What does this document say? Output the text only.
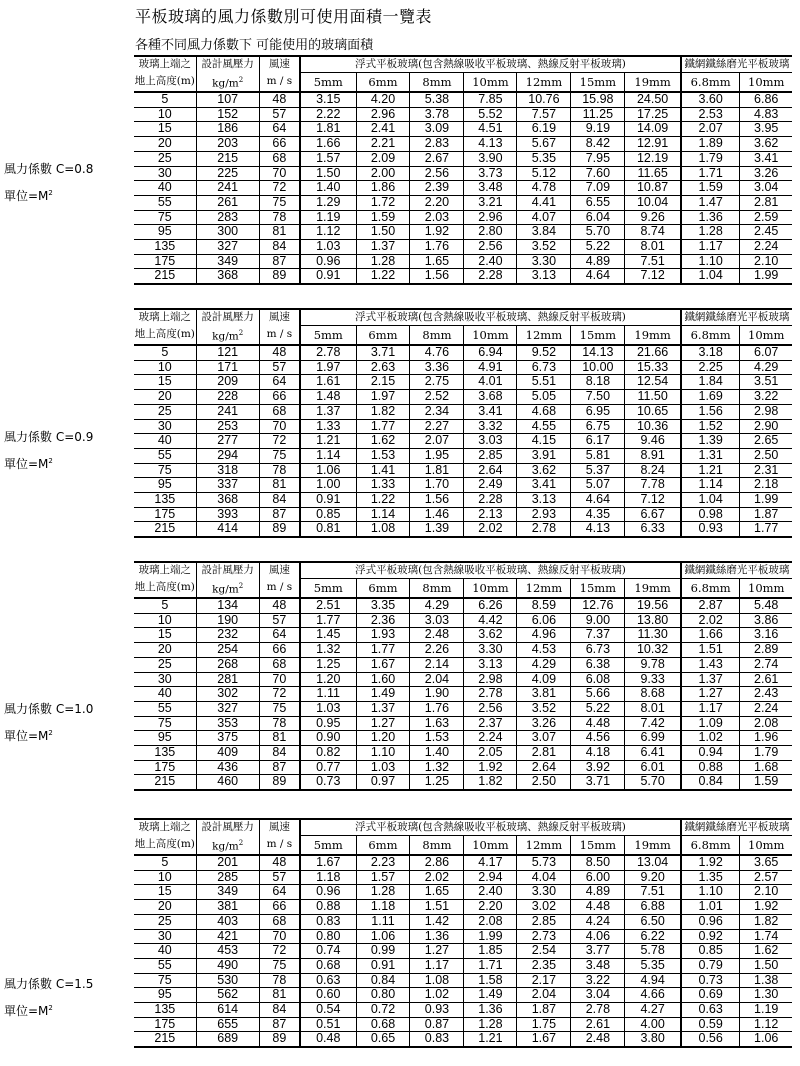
平板玻璃的風力係數別可使用面積一覽表
各種不同風力係數下 可能使用的玻璃面積
風力係數 C=0.8
單位$=M^2$
玻璃上端之	設計風壓力	風速	浮式平板玻璃(包含熱線吸收平板玻璃、熱線反射平板玻璃)							鐵網鐵絲磨光平板玻璃	
地上高度(m)	$kg/m^2$	m / s	5mm	6mm	8mm	10mm	12mm	15mm	19mm	6.8mm	10mm
5	107	48	3.15	4.20	5.38	7.85	10.76	15.98	24.50	3.60	6.86
10	152	57	2.22	2.96	3.78	5.52	7.57	11.25	17.25	2.53	4.83
15	186	64	1.81	2.41	3.09	4.51	6.19	9.19	14.09	2.07	3.95
20	203	66	1.66	2.21	2.83	4.13	5.67	8.42	12.91	1.89	3.62
25	215	68	1.57	2.09	2.67	3.90	5.35	7.95	12.19	1.79	3.41
30	225	70	1.50	2.00	2.56	3.73	5.12	7.60	11.65	1.71	3.26
40	241	72	1.40	1.86	2.39	3.48	4.78	7.09	10.87	1.59	3.04
55	261	75	1.29	1.72	2.20	3.21	4.41	6.55	10.04	1.47	2.81
75	283	78	1.19	1.59	2.03	2.96	4.07	6.04	9.26	1.36	2.59
95	300	81	1.12	1.50	1.92	2.80	3.84	5.70	8.74	1.28	2.45
135	327	84	1.03	1.37	1.76	2.56	3.52	5.22	8.01	1.17	2.24
175	349	87	0.96	1.28	1.65	2.40	3.30	4.89	7.51	1.10	2.10
215	368	89	0.91	1.22	1.56	2.28	3.13	4.64	7.12	1.04	1.99
風力係數 C=0.9
單位$=M^2$
玻璃上端之	設計風壓力	風速	浮式平板玻璃(包含熱線吸收平板玻璃、熱線反射平板玻璃)							鐵網鐵絲磨光平板玻璃	
地上高度(m)	$kg/m^2$	m / s	5mm	6mm	8mm	10mm	12mm	15mm	19mm	6.8mm	10mm
5	121	48	2.78	3.71	4.76	6.94	9.52	14.13	21.66	3.18	6.07
10	171	57	1.97	2.63	3.36	4.91	6.73	10.00	15.33	2.25	4.29
15	209	64	1.61	2.15	2.75	4.01	5.51	8.18	12.54	1.84	3.51
20	228	66	1.48	1.97	2.52	3.68	5.05	7.50	11.50	1.69	3.22
25	241	68	1.37	1.82	2.34	3.41	4.68	6.95	10.65	1.56	2.98
30	253	70	1.33	1.77	2.27	3.32	4.55	6.75	10.36	1.52	2.90
40	277	72	1.21	1.62	2.07	3.03	4.15	6.17	9.46	1.39	2.65
55	294	75	1.14	1.53	1.95	2.85	3.91	5.81	8.91	1.31	2.50
75	318	78	1.06	1.41	1.81	2.64	3.62	5.37	8.24	1.21	2.31
95	337	81	1.00	1.33	1.70	2.49	3.41	5.07	7.78	1.14	2.18
135	368	84	0.91	1.22	1.56	2.28	3.13	4.64	7.12	1.04	1.99
175	393	87	0.85	1.14	1.46	2.13	2.93	4.35	6.67	0.98	1.87
215	414	89	0.81	1.08	1.39	2.02	2.78	4.13	6.33	0.93	1.77
風力係數 C=1.0
單位$=M^2$
玻璃上端之	設計風壓力	風速	浮式平板玻璃(包含熱線吸收平板玻璃、熱線反射平板玻璃)							鐵網鐵絲磨光平板玻璃	
地上高度(m)	$kg/m^2$	m / s	5mm	6mm	8mm	10mm	12mm	15mm	19mm	6.8mm	10mm
5	134	48	2.51	3.35	4.29	6.26	8.59	12.76	19.56	2.87	5.48
10	190	57	1.77	2.36	3.03	4.42	6.06	9.00	13.80	2.02	3.86
15	232	64	1.45	1.93	2.48	3.62	4.96	7.37	11.30	1.66	3.16
20	254	66	1.32	1.77	2.26	3.30	4.53	6.73	10.32	1.51	2.89
25	268	68	1.25	1.67	2.14	3.13	4.29	6.38	9.78	1.43	2.74
30	281	70	1.20	1.60	2.04	2.98	4.09	6.08	9.33	1.37	2.61
40	302	72	1.11	1.49	1.90	2.78	3.81	5.66	8.68	1.27	2.43
55	327	75	1.03	1.37	1.76	2.56	3.52	5.22	8.01	1.17	2.24
75	353	78	0.95	1.27	1.63	2.37	3.26	4.48	7.42	1.09	2.08
95	375	81	0.90	1.20	1.53	2.24	3.07	4.56	6.99	1.02	1.96
135	409	84	0.82	1.10	1.40	2.05	2.81	4.18	6.41	0.94	1.79
175	436	87	0.77	1.03	1.32	1.92	2.64	3.92	6.01	0.88	1.68
215	460	89	0.73	0.97	1.25	1.82	2.50	3.71	5.70	0.84	1.59
風力係數 C=1.5
單位$=M^2$
玻璃上端之	設計風壓力	風速	浮式平板玻璃(包含熱線吸收平板玻璃、熱線反射平板玻璃)							鐵網鐵絲磨光平板玻璃	
地上高度(m)	$kg/m^2$	m / s	5mm	6mm	8mm	10mm	12mm	15mm	19mm	6.8mm	10mm
5	201	48	1.67	2.23	2.86	4.17	5.73	8.50	13.04	1.92	3.65
10	285	57	1.18	1.57	2.02	2.94	4.04	6.00	9.20	1.35	2.57
15	349	64	0.96	1.28	1.65	2.40	3.30	4.89	7.51	1.10	2.10
20	381	66	0.88	1.18	1.51	2.20	3.02	4.48	6.88	1.01	1.92
25	403	68	0.83	1.11	1.42	2.08	2.85	4.24	6.50	0.96	1.82
30	421	70	0.80	1.06	1.36	1.99	2.73	4.06	6.22	0.92	1.74
40	453	72	0.74	0.99	1.27	1.85	2.54	3.77	5.78	0.85	1.62
55	490	75	0.68	0.91	1.17	1.71	2.35	3.48	5.35	0.79	1.50
75	530	78	0.63	0.84	1.08	1.58	2.17	3.22	4.94	0.73	1.38
95	562	81	0.60	0.80	1.02	1.49	2.04	3.04	4.66	0.69	1.30
135	614	84	0.54	0.72	0.93	1.36	1.87	2.78	4.27	0.63	1.19
175	655	87	0.51	0.68	0.87	1.28	1.75	2.61	4.00	0.59	1.12
215	689	89	0.48	0.65	0.83	1.21	1.67	2.48	3.80	0.56	1.06
